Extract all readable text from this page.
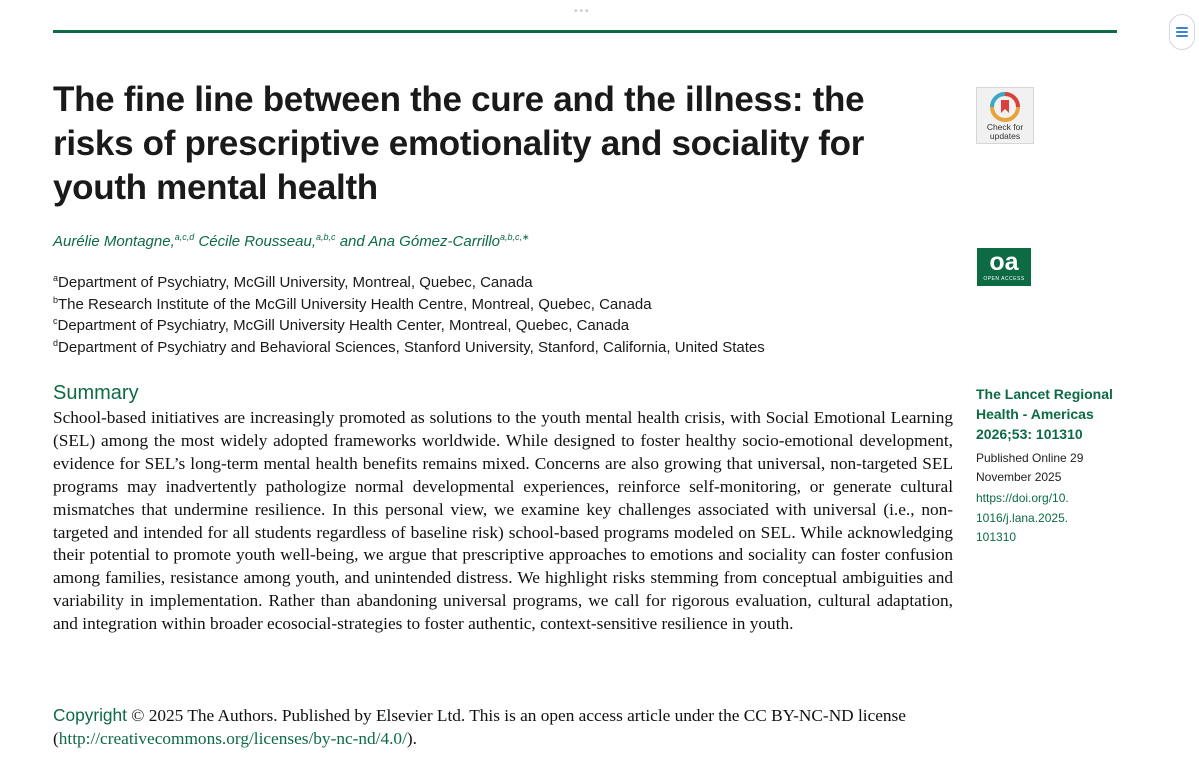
•••
The fine line between the cure and the illness: the risks of prescriptive emotionality and sociality for youth mental health
Aurélie Montagne,$^{a,c,d}$ Cécile Rousseau,$^{a,b,c}$ and Ana Gómez-Carrillo$^{a,b,c,∗}$
$^a$Department of Psychiatry, McGill University, Montreal, Quebec, Canada
$^b$The Research Institute of the McGill University Health Centre, Montreal, Quebec, Canada
$^c$Department of Psychiatry, McGill University Health Center, Montreal, Quebec, Canada
$^d$Department of Psychiatry and Behavioral Sciences, Stanford University, Stanford, California, United States
Summary

School-based initiatives are increasingly promoted as solutions to the youth mental health crisis, with Social Emotional Learning (SEL) among the most widely adopted frameworks worldwide. While designed to foster healthy socio-emotional development, evidence for SEL’s long-term mental health benefits remains mixed. Concerns are also growing that universal, non-targeted SEL programs may inadvertently pathologize normal developmental experiences, reinforce self-monitoring, or generate cultural mismatches that undermine resilience. In this personal view, we examine key challenges associated with universal (i.e., non-targeted and intended for all students regardless of baseline risk) school-based programs modeled on SEL. While acknowledging their potential to promote youth well-being, we argue that prescriptive approaches to emotions and sociality can foster confusion among families, resistance among youth, and unintended distress. We highlight risks stemming from conceptual ambiguities and variability in implementation. Rather than abandoning universal programs, we call for rigorous evaluation, cultural adaptation, and integration within broader ecosocial-strategies to foster authentic, context-sensitive resilience in youth.

Copyright © 2025 The Authors. Published by Elsevier Ltd. This is an open access article under the CC BY-NC-ND license (http://creativecommons.org/licenses/by-nc-nd/4.0/).

Check for updates
oa
OPEN ACCESS
The Lancet Regional
Health - Americas
2026;53: 101310
Published Online 29
November 2025
https://doi.org/10.
1016/j.lana.2025.
101310
